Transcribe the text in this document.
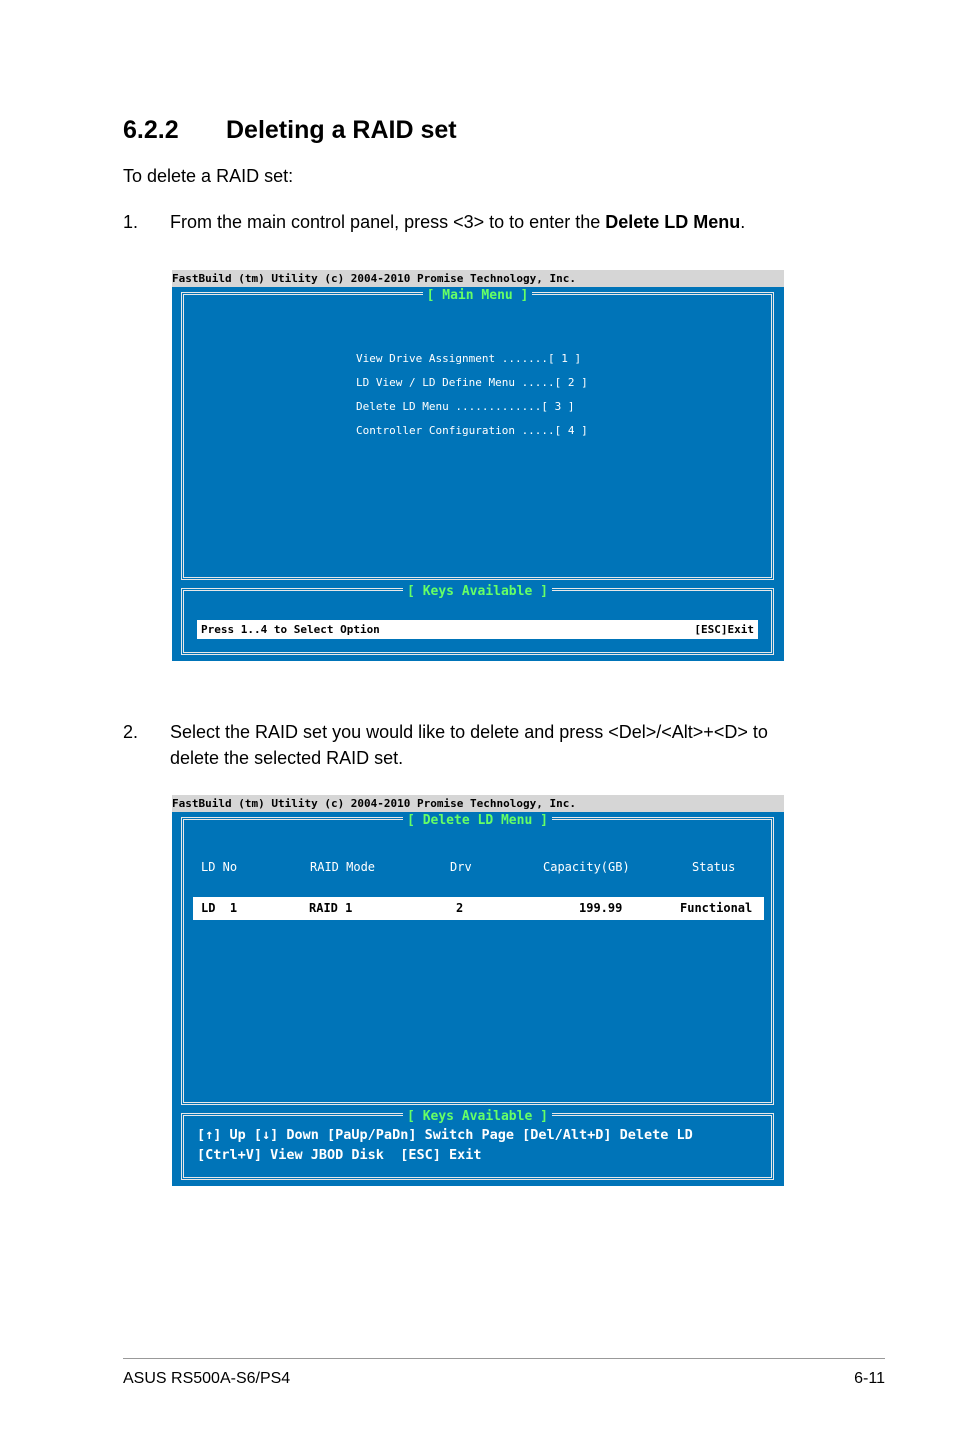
6.2.2 Deleting a RAID set
To delete a RAID set:
1. From the main control panel, press <3> to to enter the Delete LD Menu.
FastBuild (tm) Utility (c) 2004-2010 Promise Technology, Inc.
[ Main Menu ]
View Drive Assignment .......[ 1 ]
LD View / LD Define Menu .....[ 2 ]
Delete LD Menu .............[ 3 ]
Controller Configuration .....[ 4 ]
[ Keys Available ]
Press 1..4 to Select Option	[ESC]Exit
2. Select the RAID set you would like to delete and press <Del>/<Alt>+<D> to
delete the selected RAID set.
FastBuild (tm) Utility (c) 2004-2010 Promise Technology, Inc.
[ Delete LD Menu ]
LD No	RAID Mode	Drv	Capacity(GB)	Status
LD  1	RAID 1	2	199.99	Functional
[ Keys Available ]
[↑] Up [↓] Down [PaUp/PaDn] Switch Page [Del/Alt+D] Delete LD
[Ctrl+V] View JBOD Disk  [ESC] Exit
ASUS RS500A-S6/PS4	6-11
